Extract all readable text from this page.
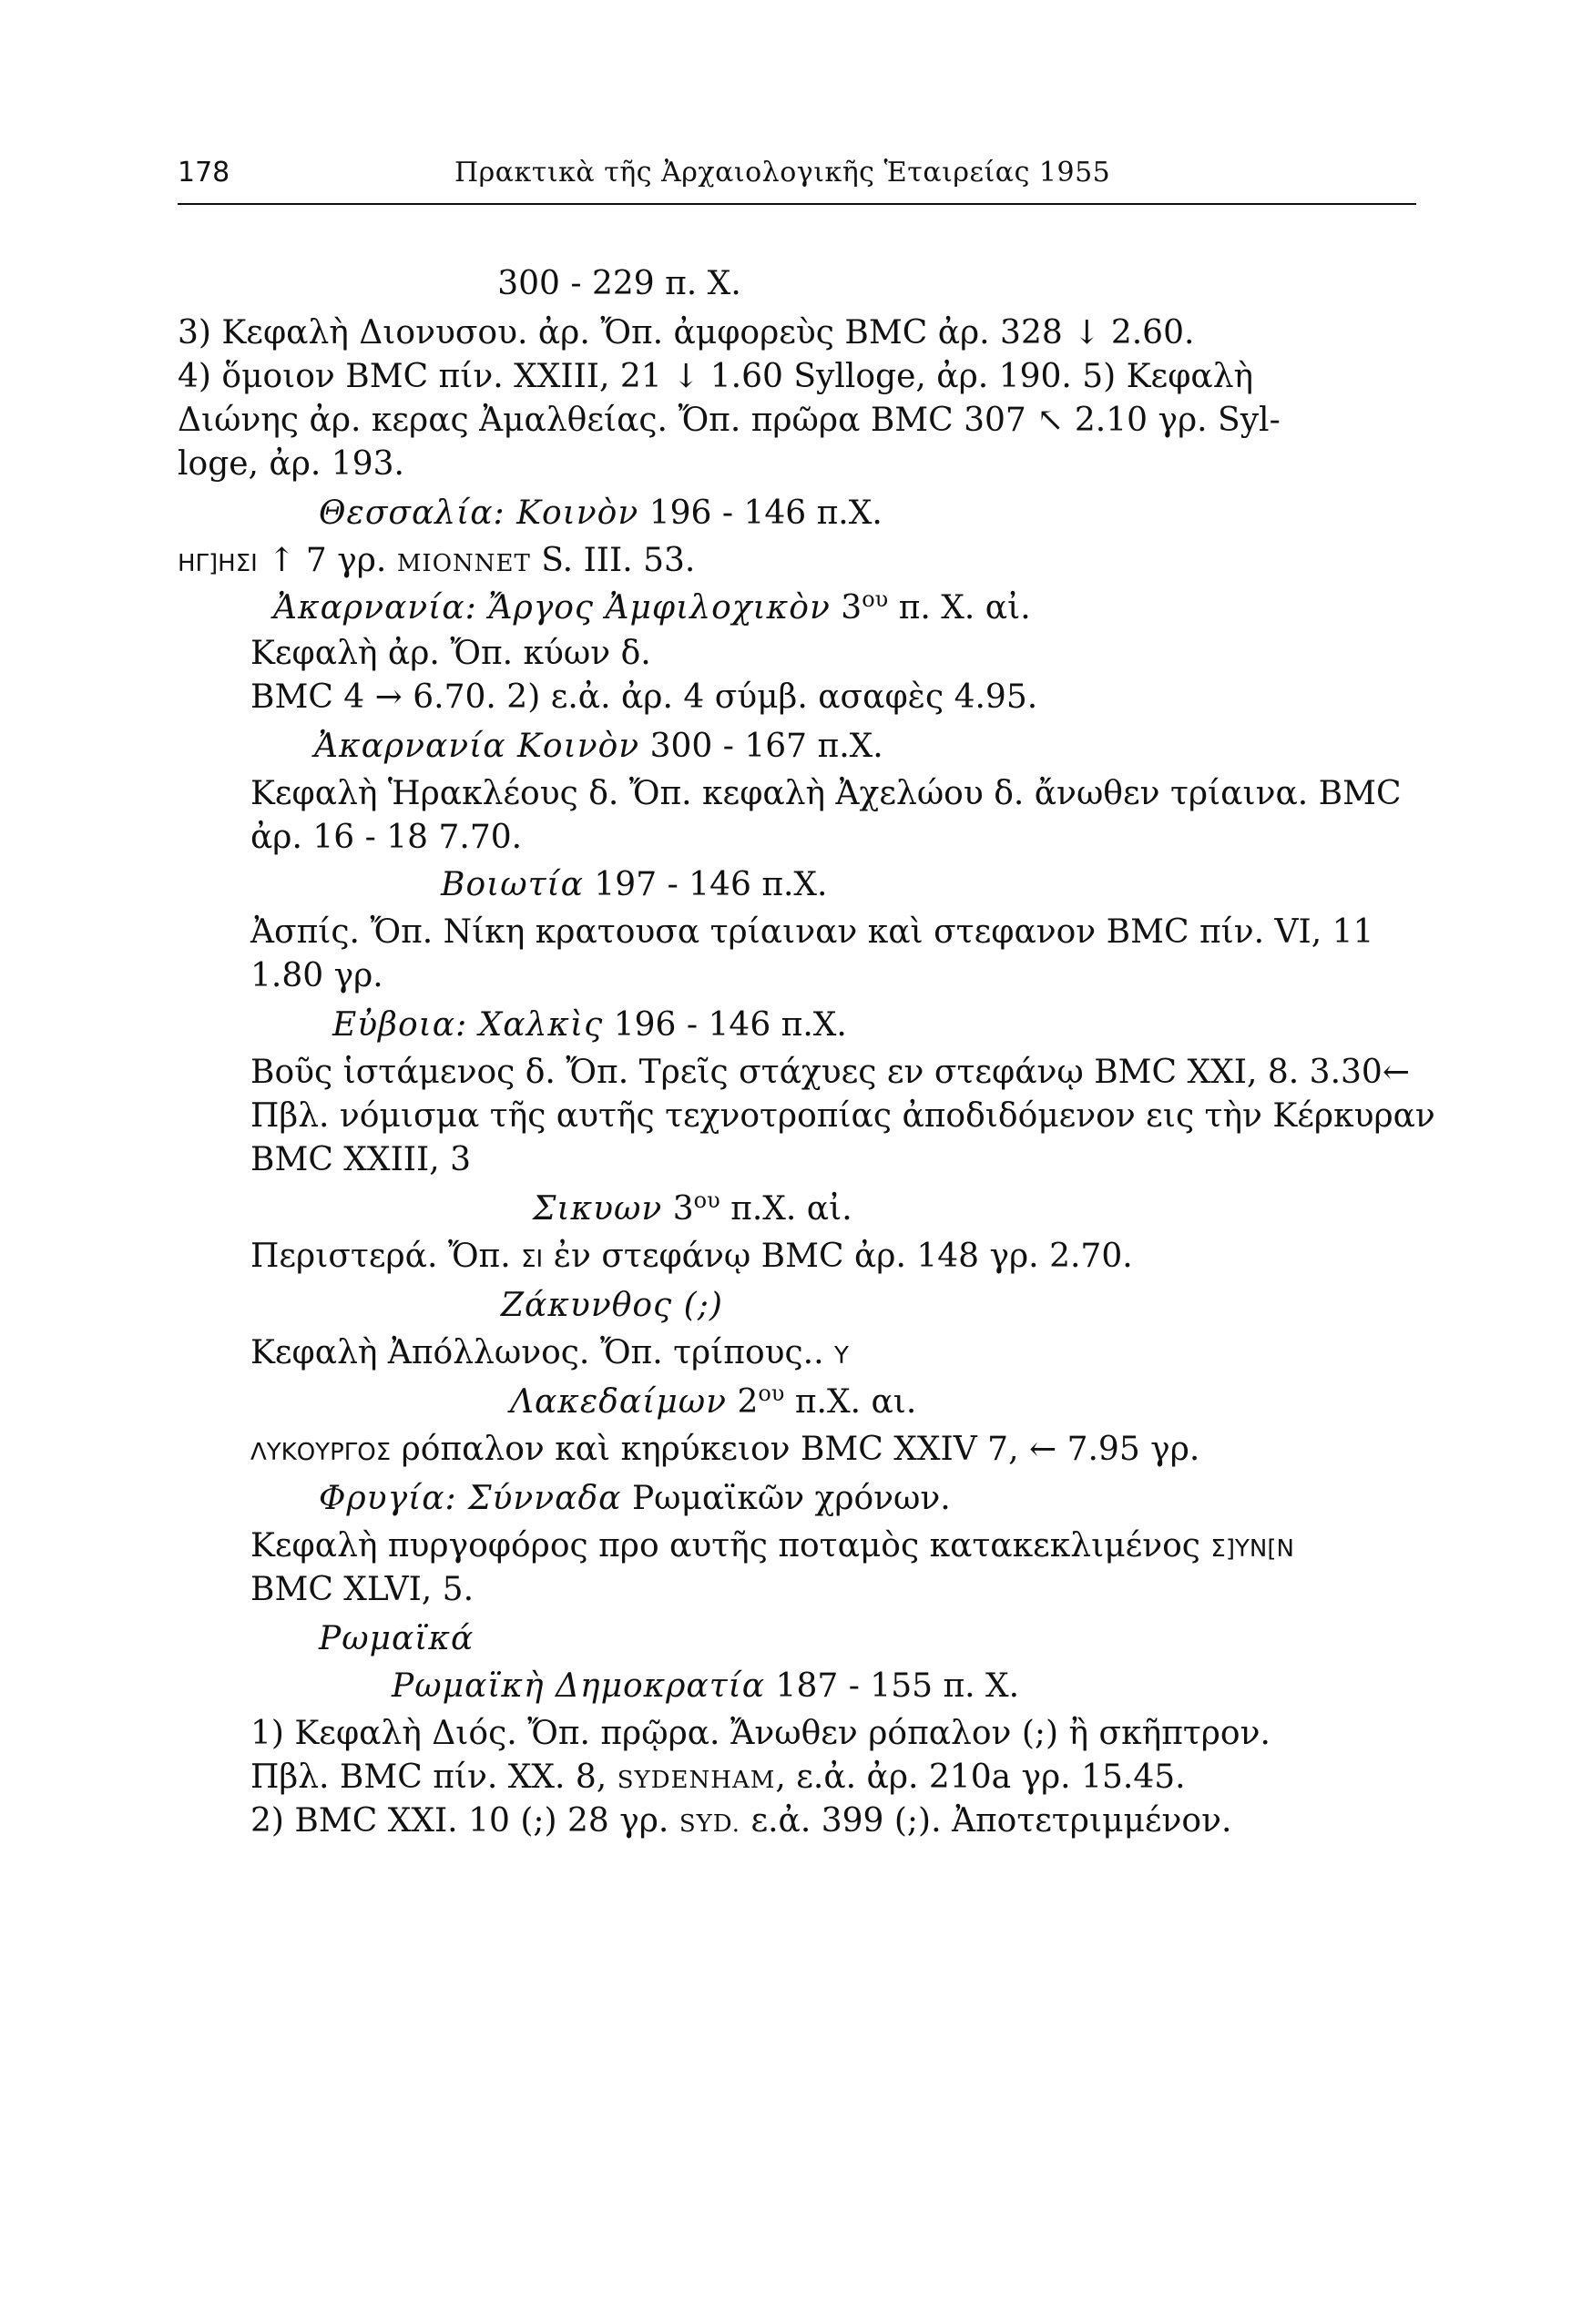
178	Πρακτικὰ τῆς Ἀρχαιολογικῆς Ἑταιρείας 1955
300 - 229 π. Χ.
3) Κεφαλὴ Διονυσου. ἀρ. Ὄπ. ἀμφορεὺς BMC ἀρ. 328 ↓ 2.60.
4) ὅμοιον BMC πίν. XXIII, 21 ↓ 1.60 Sylloge, ἀρ. 190. 5) Κεφαλὴ
Διώνης ἀρ. κερας Ἀμαλθείας. Ὄπ. πρῶρα BMC 307 ↖ 2.10 γρ. Syl-
loge, ἀρ. 193.
Θεσσαλία: Κοινὸν 196 - 146 π.Χ.
ΗΓ]ΗΣΙ ↑ 7 γρ. MIONNET S. III. 53.
Ἀκαρνανία: Ἄργος Ἀμφιλοχικὸν $3^{o\upsilon}$ π. Χ. αἰ.
Κεφαλὴ ἀρ. Ὄπ. κύων δ.
BMC 4 → 6.70. 2) ε.ἀ. ἀρ. 4 σύμβ. ασαφὲς 4.95.
Ἀκαρνανία Κοινὸν 300 - 167 π.Χ.
Κεφαλὴ Ἡρακλέους δ. Ὄπ. κεφαλὴ Ἀχελώου δ. ἄνωθεν τρίαινα. BMC
ἀρ. 16 - 18 7.70.
Βοιωτία 197 - 146 π.Χ.
Ἀσπίς. Ὄπ. Νίκη κρατουσα τρίαιναν καὶ στεφανον BMC πίν. VI, 11
1.80 γρ.
Εὐβοια: Χαλκὶς 196 - 146 π.Χ.
Βοῦς ἱστάμενος δ. Ὄπ. Τρεῖς στάχυες εν στεφάνῳ BMC XXI, 8. 3.30←
Πβλ. νόμισμα τῆς αυτῆς τεχνοτροπίας ἀποδιδόμενον εις τὴν Κέρκυραν
BMC XXIII, 3
Σικυων $3^{o\upsilon}$ π.Χ. αἰ.
Περιστερά. Ὄπ. ΣΙ ἐν στεφάνῳ BMC ἀρ. 148 γρ. 2.70.
Ζάκυνθος (;)
Κεφαλὴ Ἀπόλλωνος. Ὄπ. τρίπους.. Υ
Λακεδαίμων $2^{o\upsilon}$ π.Χ. αι.
ΛΥΚΟΥΡΓΟΣ ρόπαλον καὶ κηρύκειον BMC XXIV 7, ← 7.95 γρ.
Φρυγία: Σύνναδα Ρωμαϊκῶν χρόνων.
Κεφαλὴ πυργοφόρος προ αυτῆς ποταμὸς κατακεκλιμένος Σ]ΥΝ[Ν
BMC XLVI, 5.
Ρωμαϊκά
Ρωμαϊκὴ Δημοκρατία 187 - 155 π. Χ.
1) Κεφαλὴ Διός. Ὄπ. πρῷρα. Ἄνωθεν ρόπαλον (;) ἢ σκῆπτρον.
Πβλ. BMC πίν. XX. 8, SYDENHAM, ε.ἀ. ἀρ. 210a γρ. 15.45.
2) BMC XXI. 10 (;) 28 γρ. SYD. ε.ἀ. 399 (;). Ἀποτετριμμένον.
